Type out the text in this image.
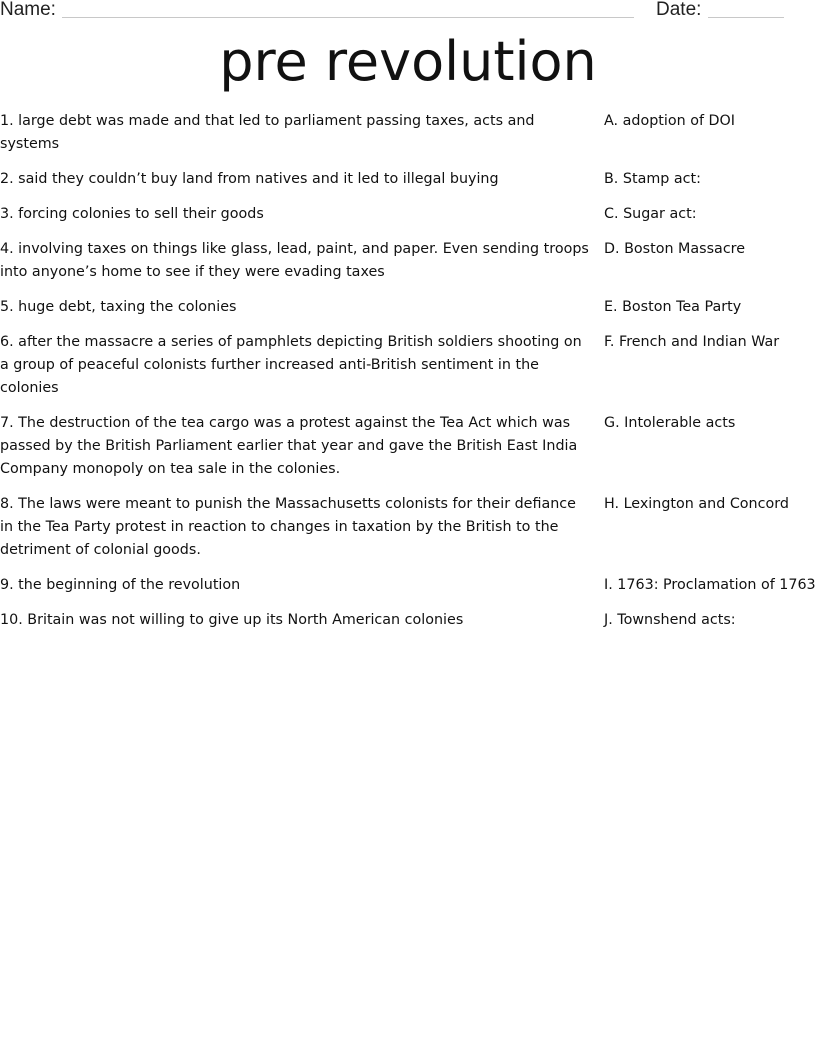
Name:	Date:
pre revolution
1. large debt was made and that led to parliament passing taxes, acts and systems	A. adoption of DOI
2. said they couldn’t buy land from natives and it led to illegal buying	B. Stamp act:
3. forcing colonies to sell their goods	C. Sugar act:
4. involving taxes on things like glass, lead, paint, and paper. Even sending troops into anyone’s home to see if they were evading taxes	D. Boston Massacre
5. huge debt, taxing the colonies	E. Boston Tea Party
6. after the massacre a series of pamphlets depicting British soldiers shooting on a group of peaceful colonists further increased anti-British sentiment in the colonies	F. French and Indian War
7. The destruction of the tea cargo was a protest against the Tea Act which was passed by the British Parliament earlier that year and gave the British East India Company monopoly on tea sale in the colonies.	G. Intolerable acts
8. The laws were meant to punish the Massachusetts colonists for their defiance in the Tea Party protest in reaction to changes in taxation by the British to the detriment of colonial goods.	H. Lexington and Concord
9. the beginning of the revolution	I. 1763: Proclamation of 1763
10. Britain was not willing to give up its North American colonies	J. Townshend acts:
